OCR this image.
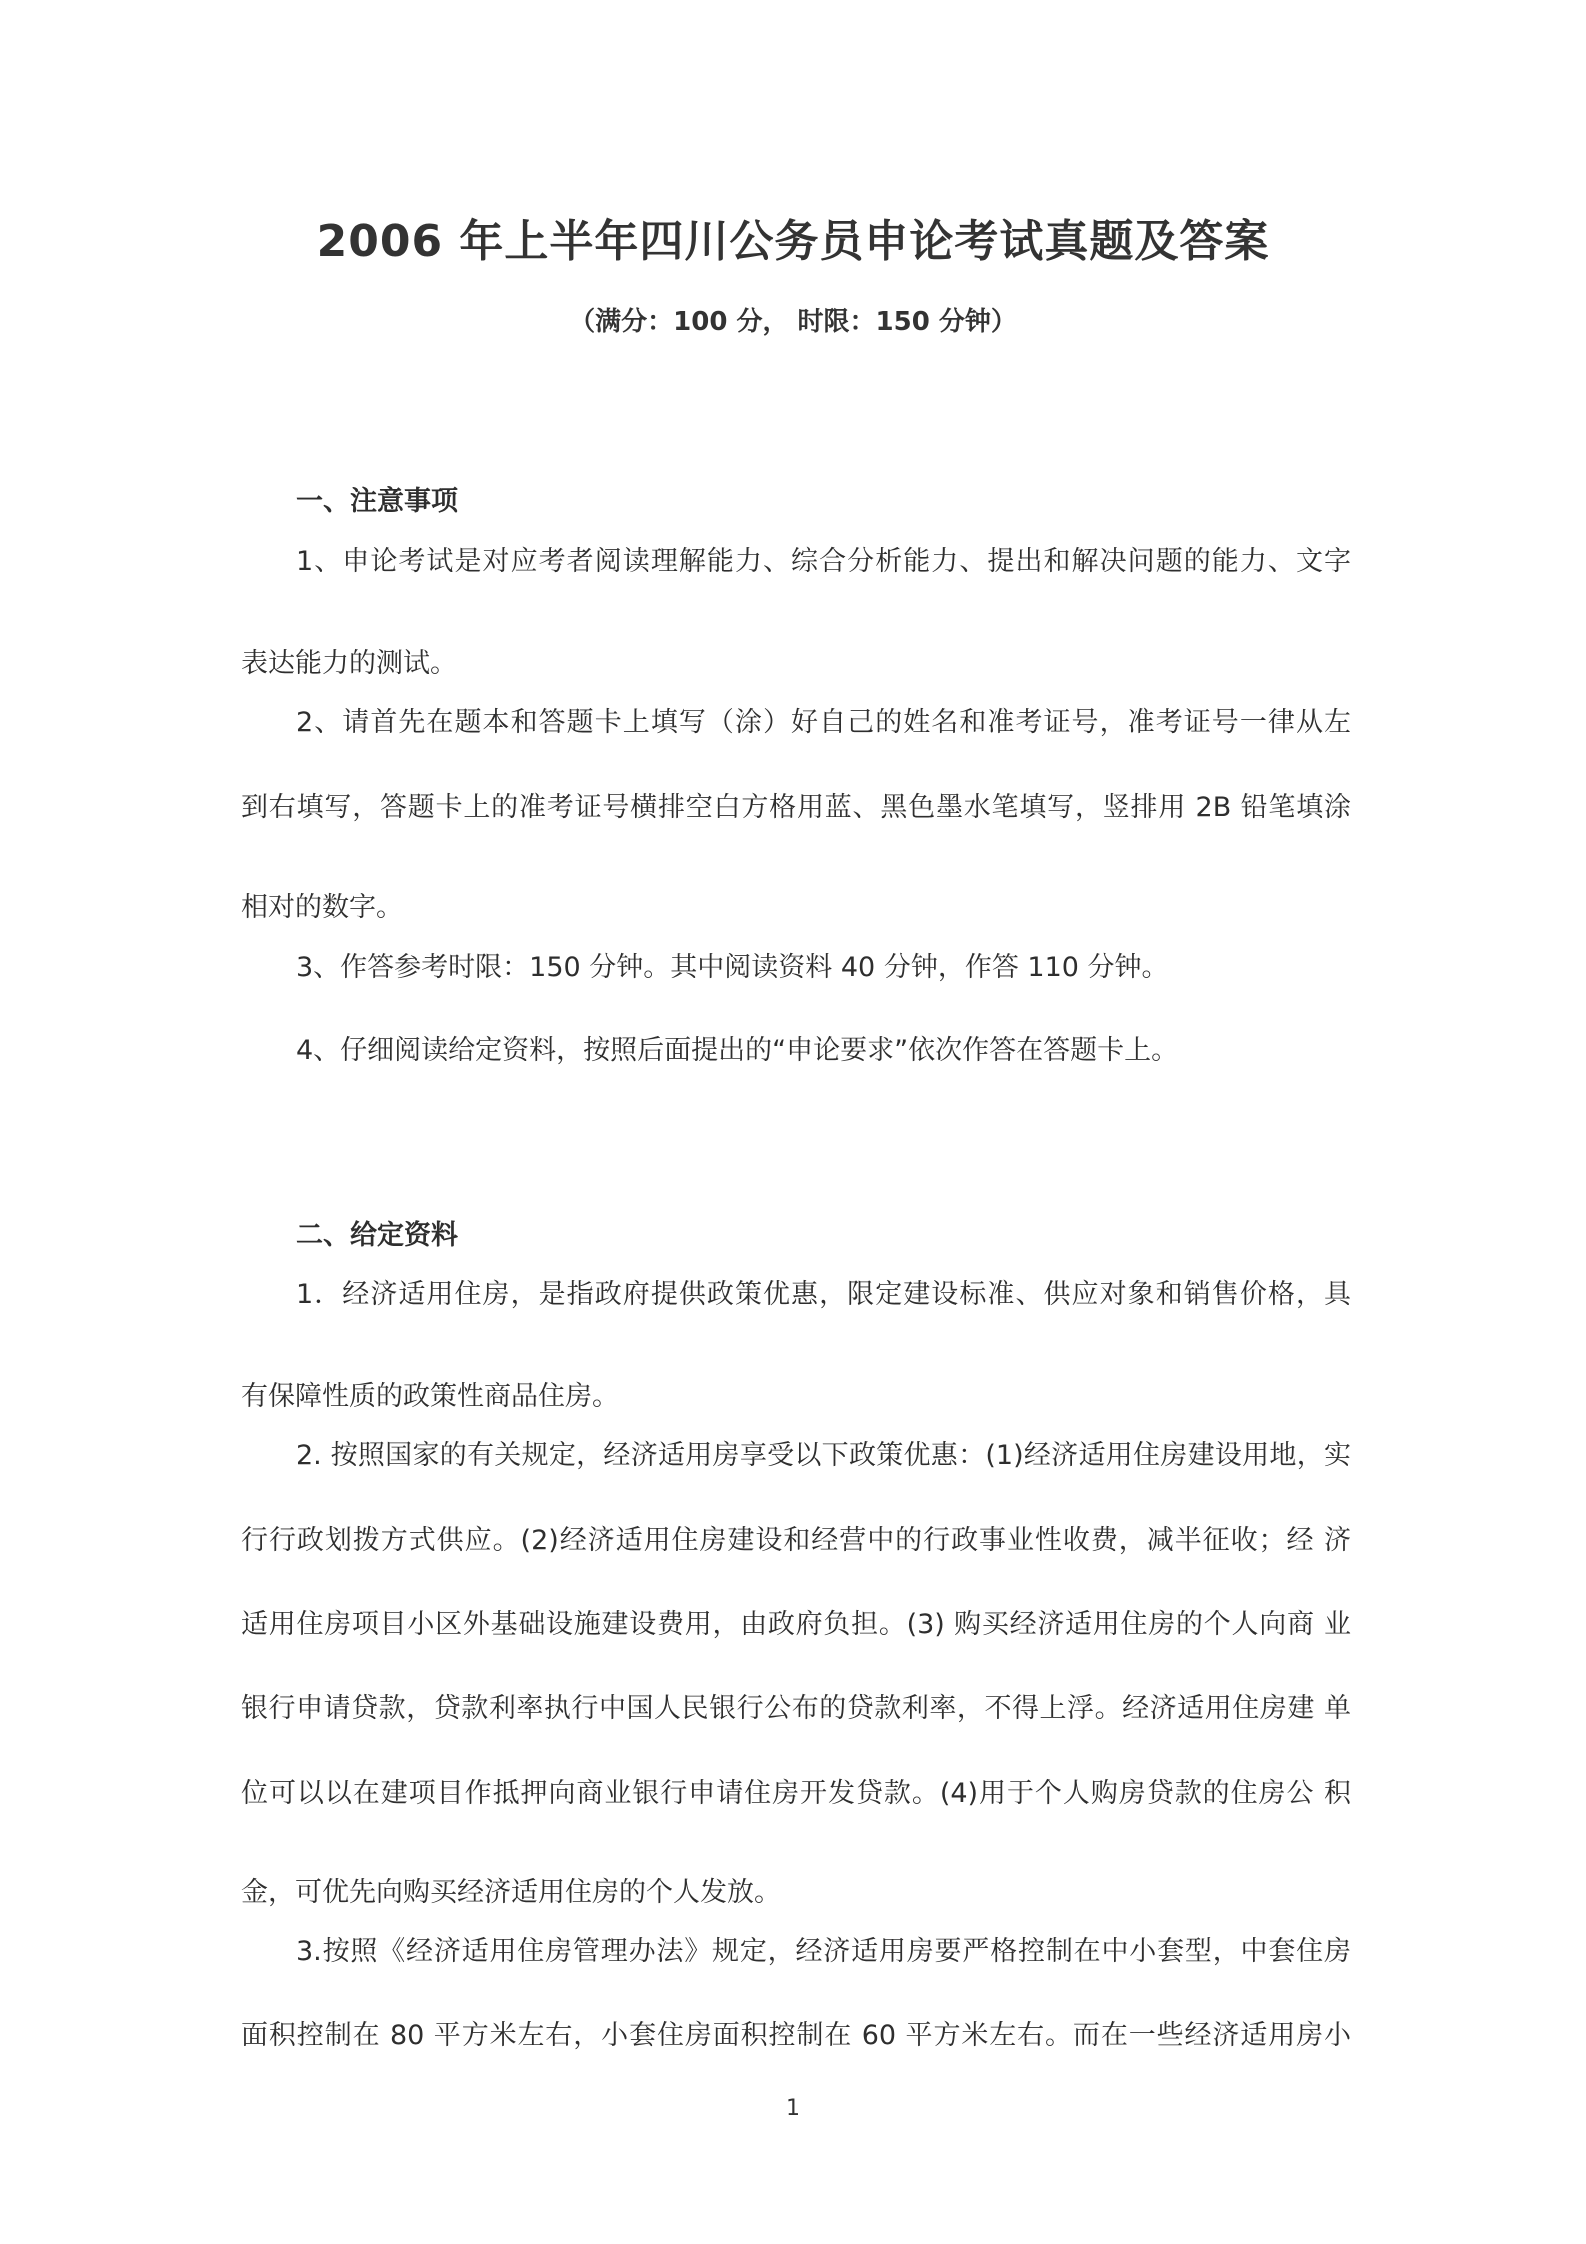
2006 年上半年四川公务员申论考试真题及答案
（满分：100 分， 时限：150 分钟）
一、注意事项
1、申论考试是对应考者阅读理解能力、综合分析能力、提出和解决问题的能力、文字
表达能力的测试。
2、请首先在题本和答题卡上填写（涂）好自己的姓名和准考证号，准考证号一律从左
到右填写，答题卡上的准考证号横排空白方格用蓝、黑色墨水笔填写，竖排用 2B 铅笔填涂
相对的数字。
3、作答参考时限：150 分钟。其中阅读资料 40 分钟，作答 110 分钟。
4、仔细阅读给定资料，按照后面提出的“申论要求”依次作答在答题卡上。
二、给定资料
1．经济适用住房，是指政府提供政策优惠，限定建设标准、供应对象和销售价格，具
有保障性质的政策性商品住房。
2. 按照国家的有关规定，经济适用房享受以下政策优惠：(1)经济适用住房建设用地，实
行行政划拨方式供应。(2)经济适用住房建设和经营中的行政事业性收费，减半征收；经 济
适用住房项目小区外基础设施建设费用，由政府负担。(3) 购买经济适用住房的个人向商 业
银行申请贷款，贷款利率执行中国人民银行公布的贷款利率，不得上浮。经济适用住房建 单
位可以以在建项目作抵押向商业银行申请住房开发贷款。(4)用于个人购房贷款的住房公 积
金，可优先向购买经济适用住房的个人发放。
3.按照《经济适用住房管理办法》规定，经济适用房要严格控制在中小套型，中套住房
面积控制在 80 平方米左右，小套住房面积控制在 60 平方米左右。而在一些经济适用房小
1
